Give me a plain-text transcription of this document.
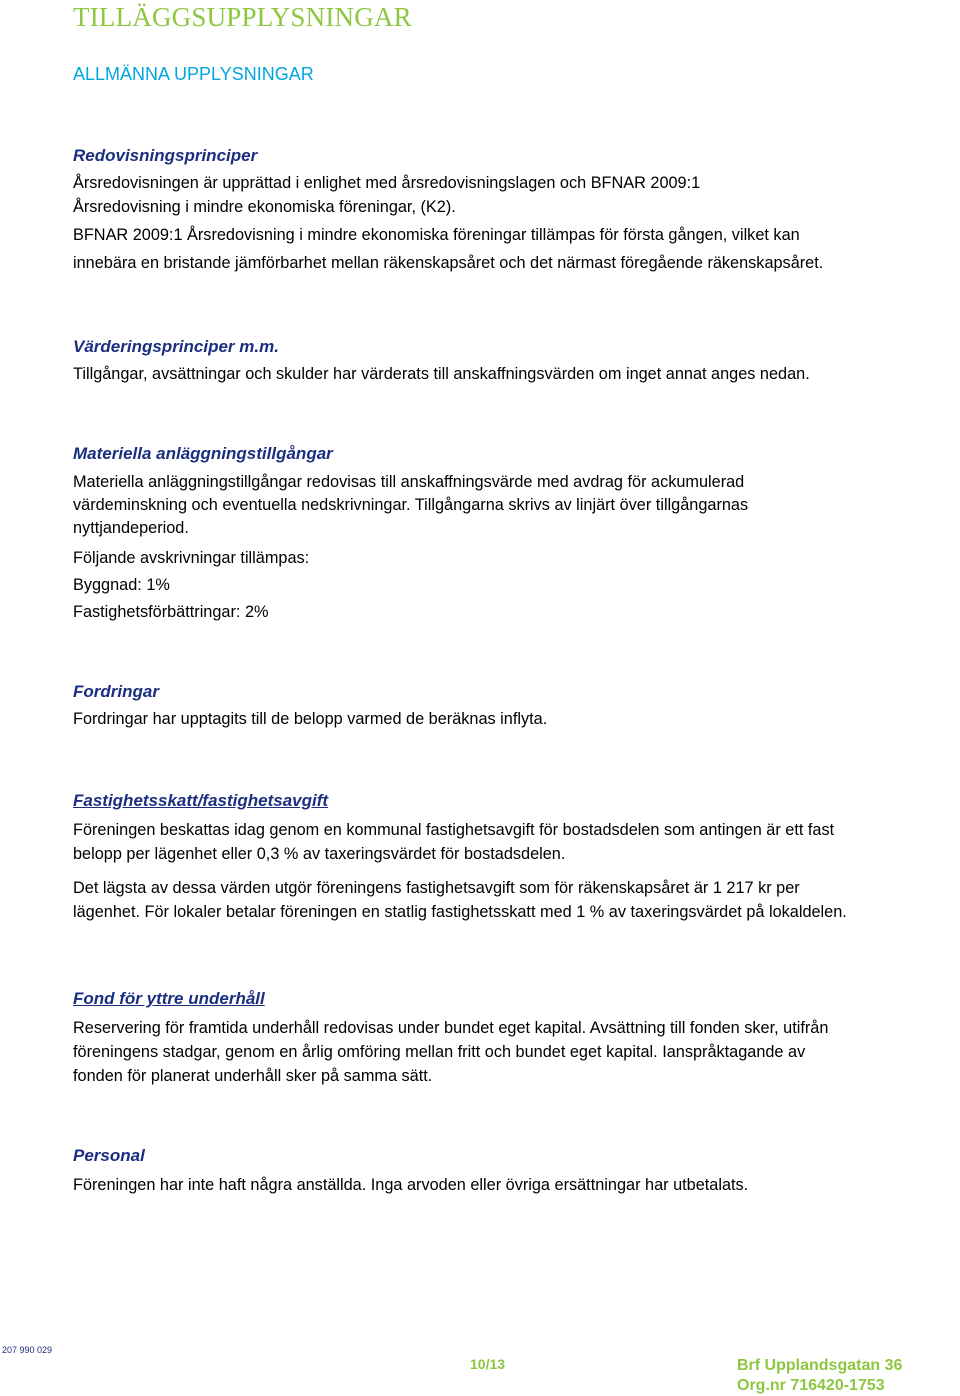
TILLÄGGSUPPLYSNINGAR
ALLMÄNNA UPPLYSNINGAR
Redovisningsprinciper
Årsredovisningen är upprättad i enlighet med årsredovisningslagen och BFNAR 2009:1
Årsredovisning i mindre ekonomiska föreningar, (K2).
BFNAR 2009:1 Årsredovisning i mindre ekonomiska föreningar tillämpas för första gången, vilket kan
innebära en bristande jämförbarhet mellan räkenskapsåret och det närmast föregående räkenskapsåret.
Värderingsprinciper m.m.
Tillgångar, avsättningar och skulder har värderats till anskaffningsvärden om inget annat anges nedan.
Materiella anläggningstillgångar
Materiella anläggningstillgångar redovisas till anskaffningsvärde med avdrag för ackumulerad
värdeminskning och eventuella nedskrivningar. Tillgångarna skrivs av linjärt över tillgångarnas
nyttjandeperiod.
Följande avskrivningar tillämpas:
Byggnad: 1%
Fastighetsförbättringar: 2%
Fordringar
Fordringar har upptagits till de belopp varmed de beräknas inflyta.
Fastighetsskatt/fastighetsavgift
Föreningen beskattas idag genom en kommunal fastighetsavgift för bostadsdelen som antingen är ett fast
belopp per lägenhet eller 0,3 % av taxeringsvärdet för bostadsdelen.
Det lägsta av dessa värden utgör föreningens fastighetsavgift som för räkenskapsåret är 1 217 kr per
lägenhet. För lokaler betalar föreningen en statlig fastighetsskatt med 1 % av taxeringsvärdet på lokaldelen.
Fond för yttre underhåll
Reservering för framtida underhåll redovisas under bundet eget kapital. Avsättning till fonden sker, utifrån
föreningens stadgar, genom en årlig omföring mellan fritt och bundet eget kapital. Ianspråktagande av
fonden för planerat underhåll sker på samma sätt.
Personal
Föreningen har inte haft några anställda. Inga arvoden eller övriga ersättningar har utbetalats.
207 990 029
10/13	Brf Upplandsgatan 36
Org.nr 716420-1753
